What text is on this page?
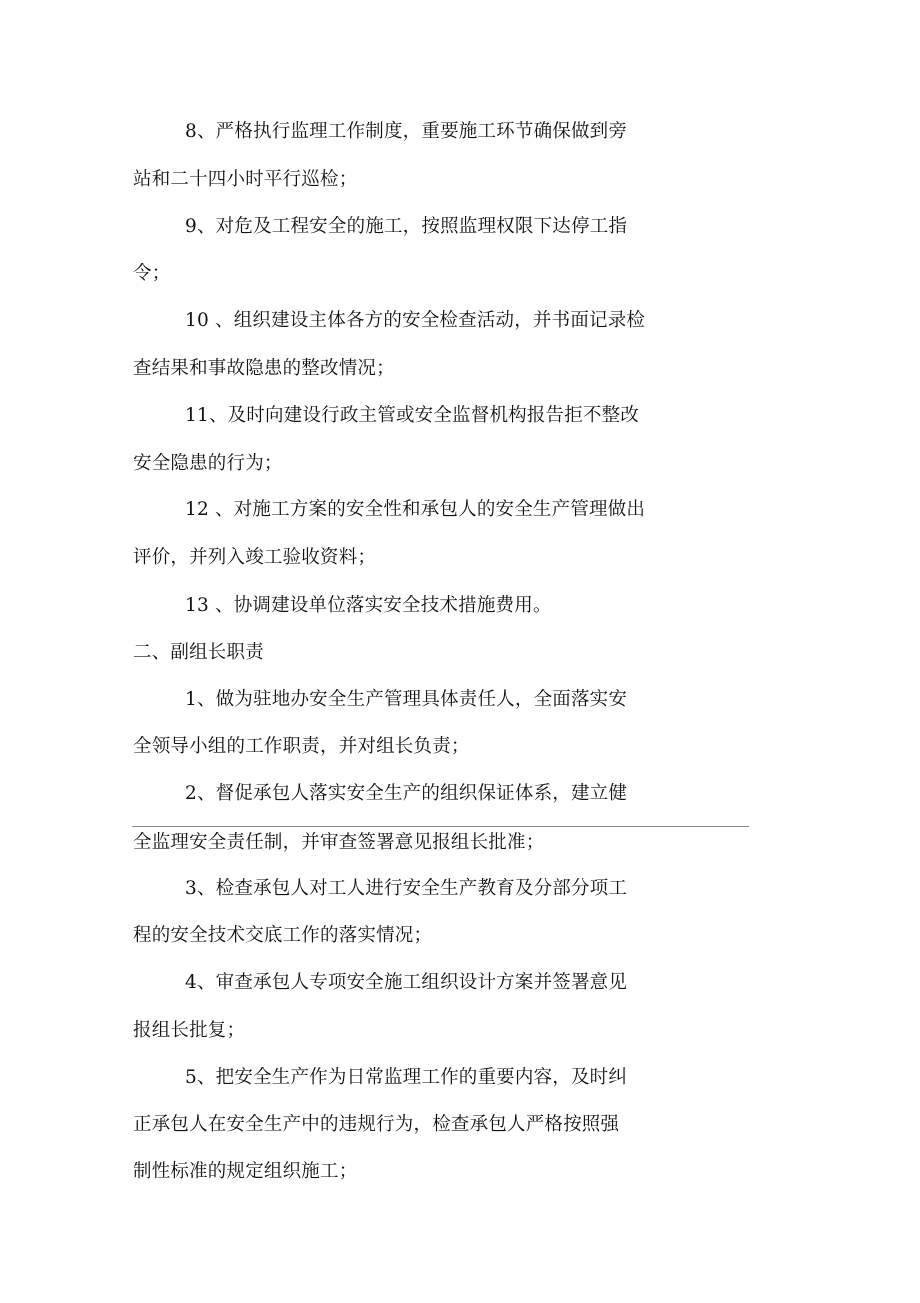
8、严格执行监理工作制度，重要施工环节确保做到旁
站和二十四小时平行巡检；
9、对危及工程安全的施工，按照监理权限下达停工指
令；
10 、组织建设主体各方的安全检查活动，并书面记录检
查结果和事故隐患的整改情况；
11、及时向建设行政主管或安全监督机构报告拒不整改
安全隐患的行为；
12 、对施工方案的安全性和承包人的安全生产管理做出
评价，并列入竣工验收资料；
13 、协调建设单位落实安全技术措施费用。
二、副组长职责
1、做为驻地办安全生产管理具体责任人，全面落实安
全领导小组的工作职责，并对组长负责；
2、督促承包人落实安全生产的组织保证体系，建立健
全监理安全责任制，并审查签署意见报组长批准；
3、检查承包人对工人进行安全生产教育及分部分项工
程的安全技术交底工作的落实情况；
4、审查承包人专项安全施工组织设计方案并签署意见
报组长批复；
5、把安全生产作为日常监理工作的重要内容，及时纠
正承包人在安全生产中的违规行为，检查承包人严格按照强
制性标准的规定组织施工；
